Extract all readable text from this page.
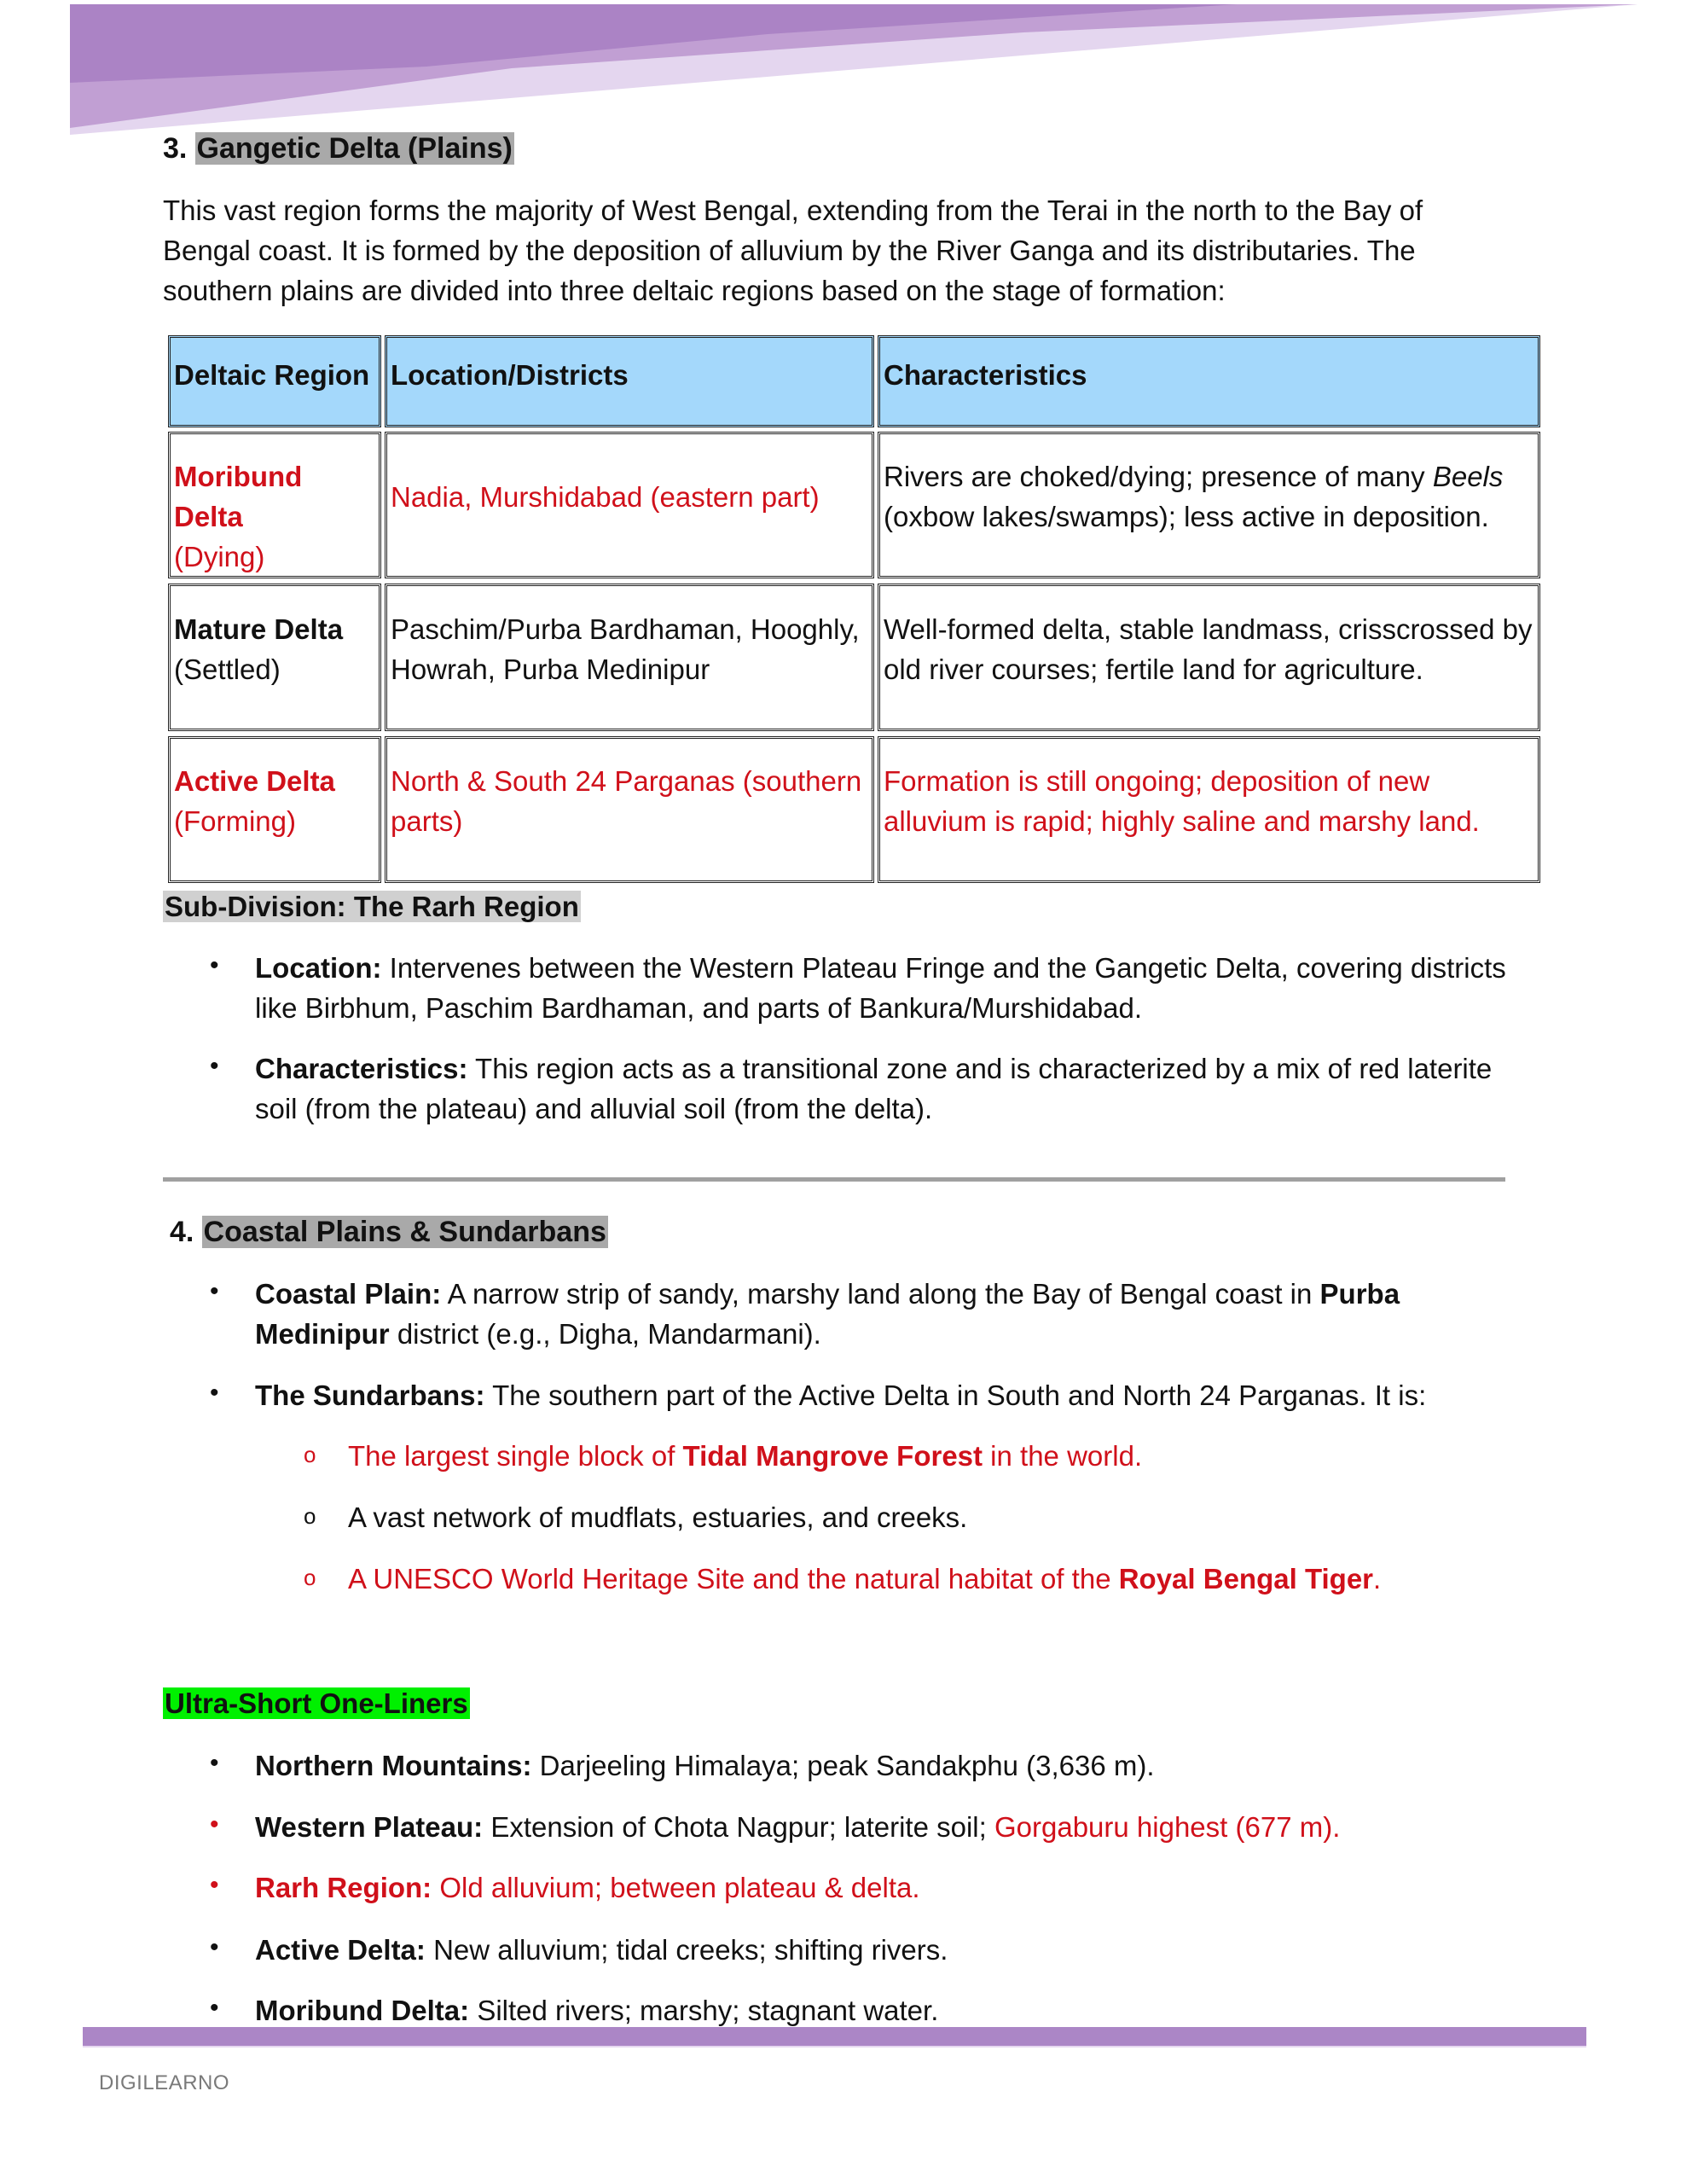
3. Gangetic Delta (Plains)
This vast region forms the majority of West Bengal, extending from the Terai in the north to the Bay of
Bengal coast. It is formed by the deposition of alluvium by the River Ganga and its distributaries. The
southern plains are divided into three deltaic regions based on the stage of formation:
Deltaic Region Location/Districts	Characteristics
Moribund Delta
(Dying)
Nadia, Murshidabad (eastern part)
Rivers are choked/dying; presence of many Beels
(oxbow lakes/swamps); less active in deposition.
Mature Delta
(Settled)
Paschim/Purba Bardhaman, Hooghly,
Howrah, Purba Medinipur
Well-formed delta, stable landmass, crisscrossed by
old river courses; fertile land for agriculture.
Active Delta
(Forming)
North & South 24 Parganas (southern
parts)
Formation is still ongoing; deposition of new
alluvium is rapid; highly saline and marshy land.
Sub-Division: The Rarh Region
• Location: Intervenes between the Western Plateau Fringe and the Gangetic Delta, covering districts
like Birbhum, Paschim Bardhaman, and parts of Bankura/Murshidabad.
• Characteristics: This region acts as a transitional zone and is characterized by a mix of red laterite
soil (from the plateau) and alluvial soil (from the delta).
4. Coastal Plains & Sundarbans
• Coastal Plain: A narrow strip of sandy, marshy land along the Bay of Bengal coast in Purba
Medinipur district (e.g., Digha, Mandarmani).
• The Sundarbans: The southern part of the Active Delta in South and North 24 Parganas. It is:
o The largest single block of Tidal Mangrove Forest in the world.
o A vast network of mudflats, estuaries, and creeks.
o A UNESCO World Heritage Site and the natural habitat of the Royal Bengal Tiger.
Ultra-Short One-Liners
• Northern Mountains: Darjeeling Himalaya; peak Sandakphu (3,636 m).
• Western Plateau: Extension of Chota Nagpur; laterite soil; Gorgaburu highest (677 m).
• Rarh Region: Old alluvium; between plateau & delta.
• Active Delta: New alluvium; tidal creeks; shifting rivers.
• Moribund Delta: Silted rivers; marshy; stagnant water.
DIGILEARNO
